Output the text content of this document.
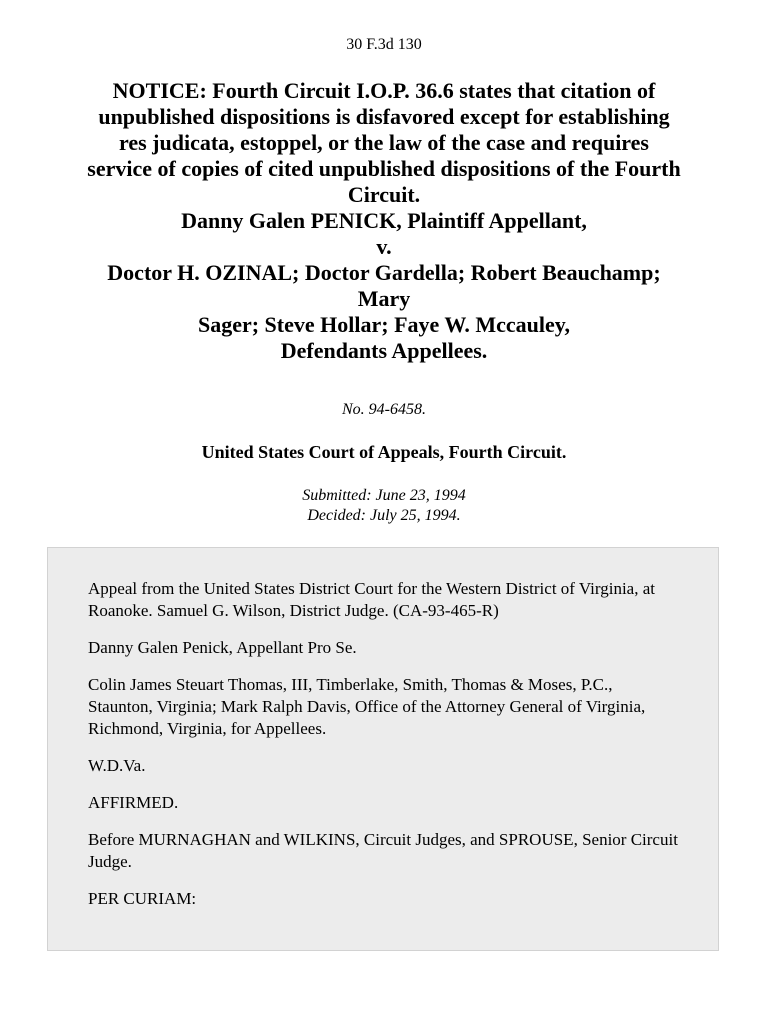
30 F.3d 130
NOTICE: Fourth Circuit I.O.P. 36.6 states that citation of
unpublished dispositions is disfavored except for establishing
res judicata, estoppel, or the law of the case and requires
service of copies of cited unpublished dispositions of the Fourth
Circuit.
Danny Galen PENICK, Plaintiff Appellant,
v.
Doctor H. OZINAL; Doctor Gardella; Robert Beauchamp;
Mary
Sager; Steve Hollar; Faye W. Mccauley,
Defendants Appellees.
No. 94-6458.
United States Court of Appeals, Fourth Circuit.
Submitted: June 23, 1994
Decided: July 25, 1994.

Appeal from the United States District Court for the Western District of Virginia, at Roanoke. Samuel G. Wilson, District Judge. (CA-93-465-R)

Danny Galen Penick, Appellant Pro Se.

Colin James Steuart Thomas, III, Timberlake, Smith, Thomas & Moses, P.C., Staunton, Virginia; Mark Ralph Davis, Office of the Attorney General of Virginia, Richmond, Virginia, for Appellees.

W.D.Va.

AFFIRMED.

Before MURNAGHAN and WILKINS, Circuit Judges, and SPROUSE, Senior Circuit Judge.

PER CURIAM:
